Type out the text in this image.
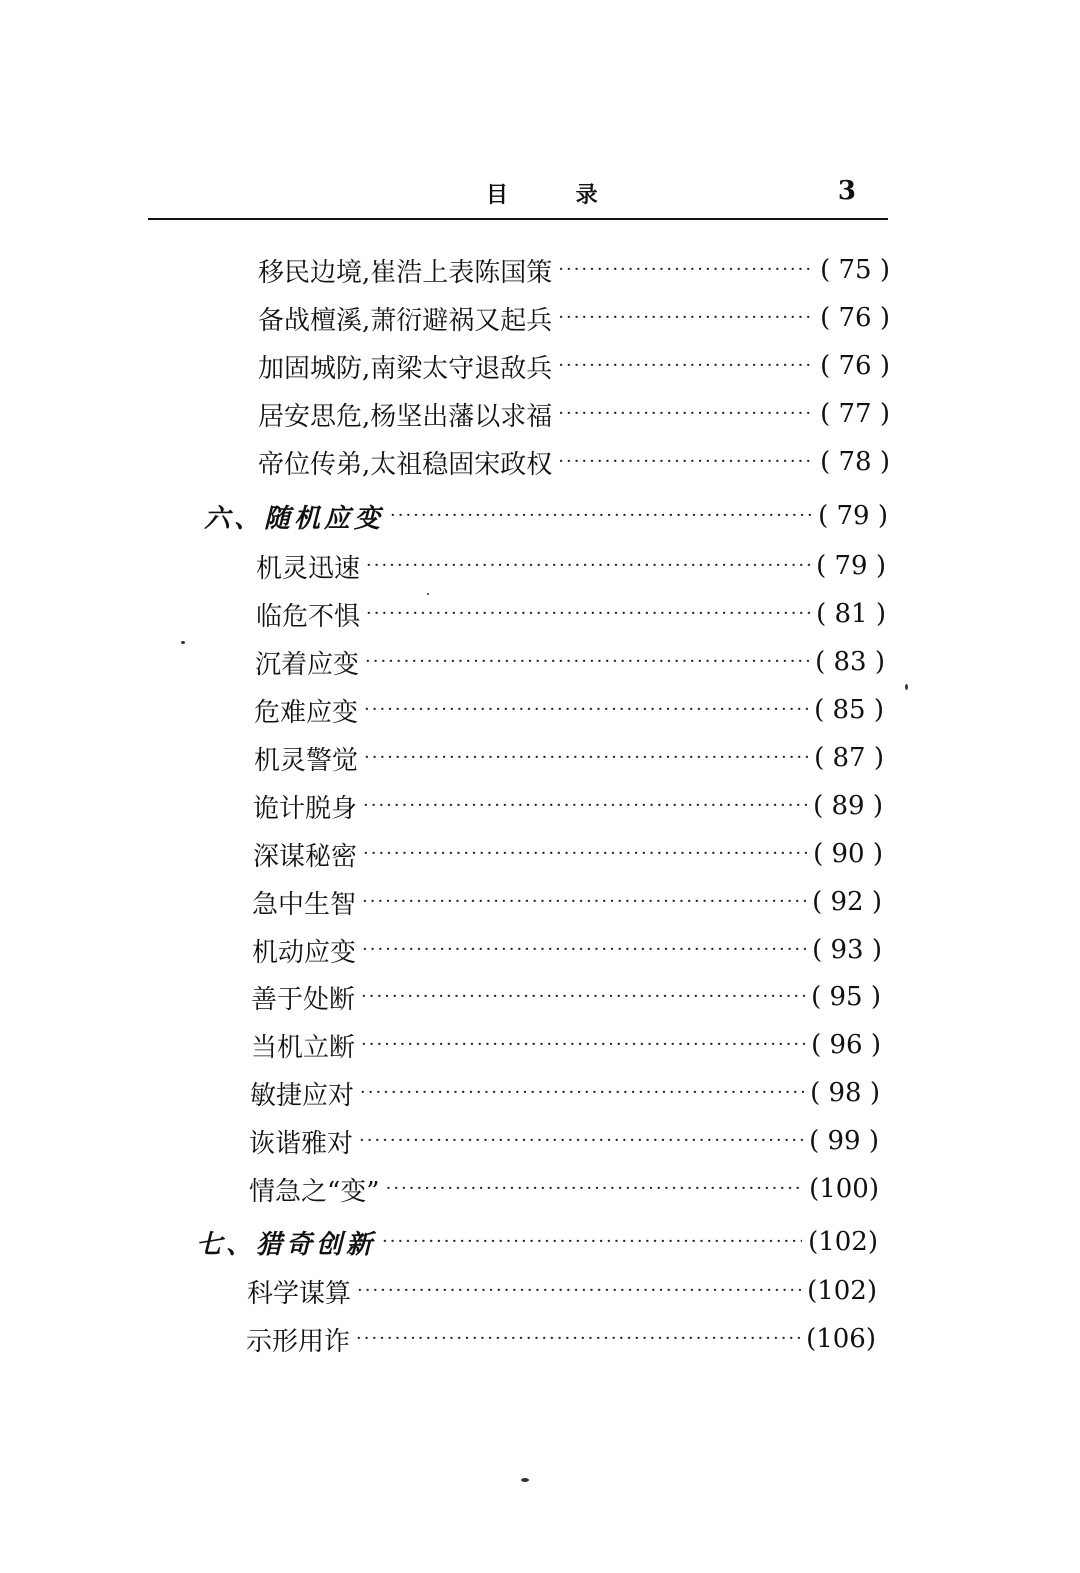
目 录	3
移民边境,崔浩上表陈国策 ·····	( 75 )
备战檀溪,萧衍避祸又起兵 ·····	( 76 )
加固城防,南梁太守退敌兵 ·····	( 76 )
居安思危,杨坚出藩以求福 ·····	( 77 )
帝位传弟,太祖稳固宋政权 ·····	( 78 )
六、随机应变 ·····	( 79 )
机灵迅速 ·····	( 79 )
临危不惧 ·····	( 81 )
沉着应变 ·····	( 83 )
危难应变 ·····	( 85 )
机灵警觉 ·····	( 87 )
诡计脱身 ·····	( 89 )
深谋秘密 ·····	( 90 )
急中生智 ·····	( 92 )
机动应变 ·····	( 93 )
善于处断 ·····	( 95 )
当机立断 ·····	( 96 )
敏捷应对 ·····	( 98 )
诙谐雅对 ·····	( 99 )
情急之“变” ·····	(100)
七、猎奇创新 ·····	(102)
科学谋算 ·····	(102)
示形用诈 ·····	(106)
